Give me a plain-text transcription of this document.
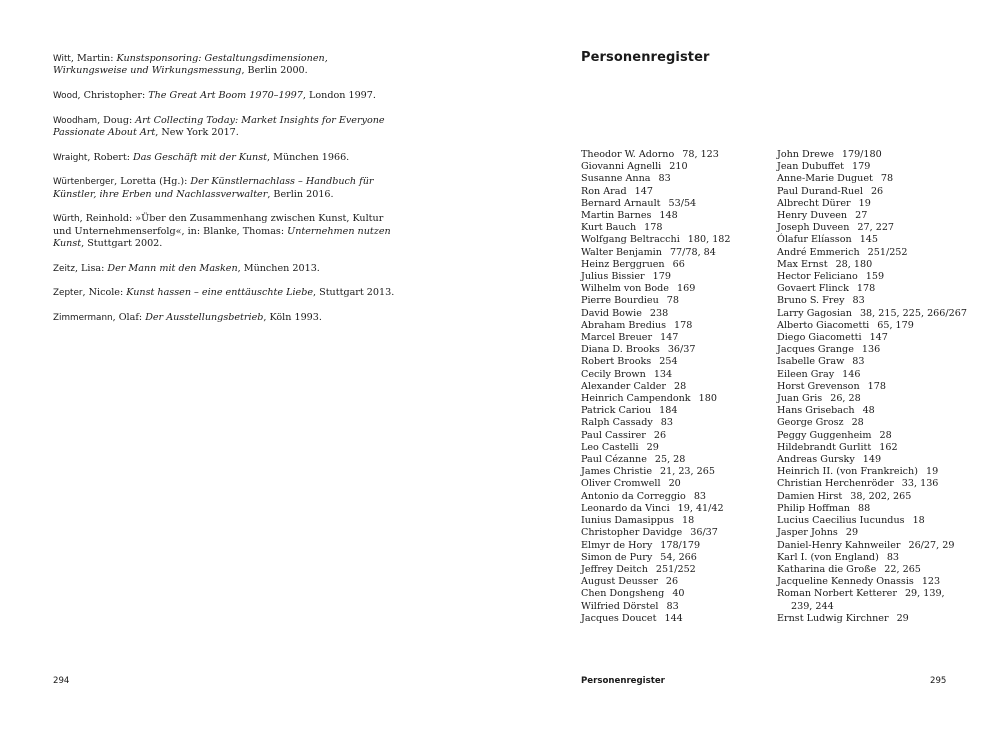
Witt, Martin: Kunstsponsoring: Gestaltungsdimensionen, Wirkungsweise und Wirkungsmessung, Berlin 2000.

Wood, Christopher: The Great Art Boom 1970–1997, London 1997.

Woodham, Doug: Art Collecting Today: Market Insights for Everyone Passionate About Art, New York 2017.

Wraight, Robert: Das Geschäft mit der Kunst, München 1966.

Würtenberger, Loretta (Hg.): Der Künstlernachlass – Handbuch für Künstler, ihre Erben und Nachlassverwalter, Berlin 2016.

Würth, Reinhold: »Über den Zusammenhang zwischen Kunst, Kultur und Unternehmenserfolg«, in: Blanke, Thomas: Unternehmen nutzen Kunst, Stuttgart 2002.

Zeitz, Lisa: Der Mann mit den Masken, München 2013.

Zepter, Nicole: Kunst hassen – eine enttäuschte Liebe, Stuttgart 2013.

Zimmermann, Olaf: Der Ausstellungsbetrieb, Köln 1993.

294
Personenregister
Theodor W. Adorno 78, 123
Giovanni Agnelli 210
Susanne Anna 83
Ron Arad 147
Bernard Arnault 53/54
Martin Barnes 148
Kurt Bauch 178
Wolfgang Beltracchi 180, 182
Walter Benjamin 77/78, 84
Heinz Berggruen 66
Julius Bissier 179
Wilhelm von Bode 169
Pierre Bourdieu 78
David Bowie 238
Abraham Bredius 178
Marcel Breuer 147
Diana D. Brooks 36/37
Robert Brooks 254
Cecily Brown 134
Alexander Calder 28
Heinrich Campendonk 180
Patrick Cariou 184
Ralph Cassady 83
Paul Cassirer 26
Leo Castelli 29
Paul Cézanne 25, 28
James Christie 21, 23, 265
Oliver Cromwell 20
Antonio da Correggio 83
Leonardo da Vinci 19, 41/42
Iunius Damasippus 18
Christopher Davidge 36/37
Elmyr de Hory 178/179
Simon de Pury 54, 266
Jeffrey Deitch 251/252
August Deusser 26
Chen Dongsheng 40
Wilfried Dörstel 83
Jacques Doucet 144
John Drewe 179/180
Jean Dubuffet 179
Anne-Marie Duguet 78
Paul Durand-Ruel 26
Albrecht Dürer 19
Henry Duveen 27
Joseph Duveen 27, 227
Ólafur Elíasson 145
André Emmerich 251/252
Max Ernst 28, 180
Hector Feliciano 159
Govaert Flinck 178
Bruno S. Frey 83
Larry Gagosian 38, 215, 225, 266/267
Alberto Giacometti 65, 179
Diego Giacometti 147
Jacques Grange 136
Isabelle Graw 83
Eileen Gray 146
Horst Grevenson 178
Juan Gris 26, 28
Hans Grisebach 48
George Grosz 28
Peggy Guggenheim 28
Hildebrandt Gurlitt 162
Andreas Gursky 149
Heinrich II. (von Frankreich) 19
Christian Herchenröder 33, 136
Damien Hirst 38, 202, 265
Philip Hoffman 88
Lucius Caecilius Iucundus 18
Jasper Johns 29
Daniel-Henry Kahnweiler 26/27, 29
Karl I. (von England) 83
Katharina die Große 22, 265
Jacqueline Kennedy Onassis 123
Roman Norbert Ketterer 29, 139, 239, 244
Ernst Ludwig Kirchner 29
Personenregister	295
